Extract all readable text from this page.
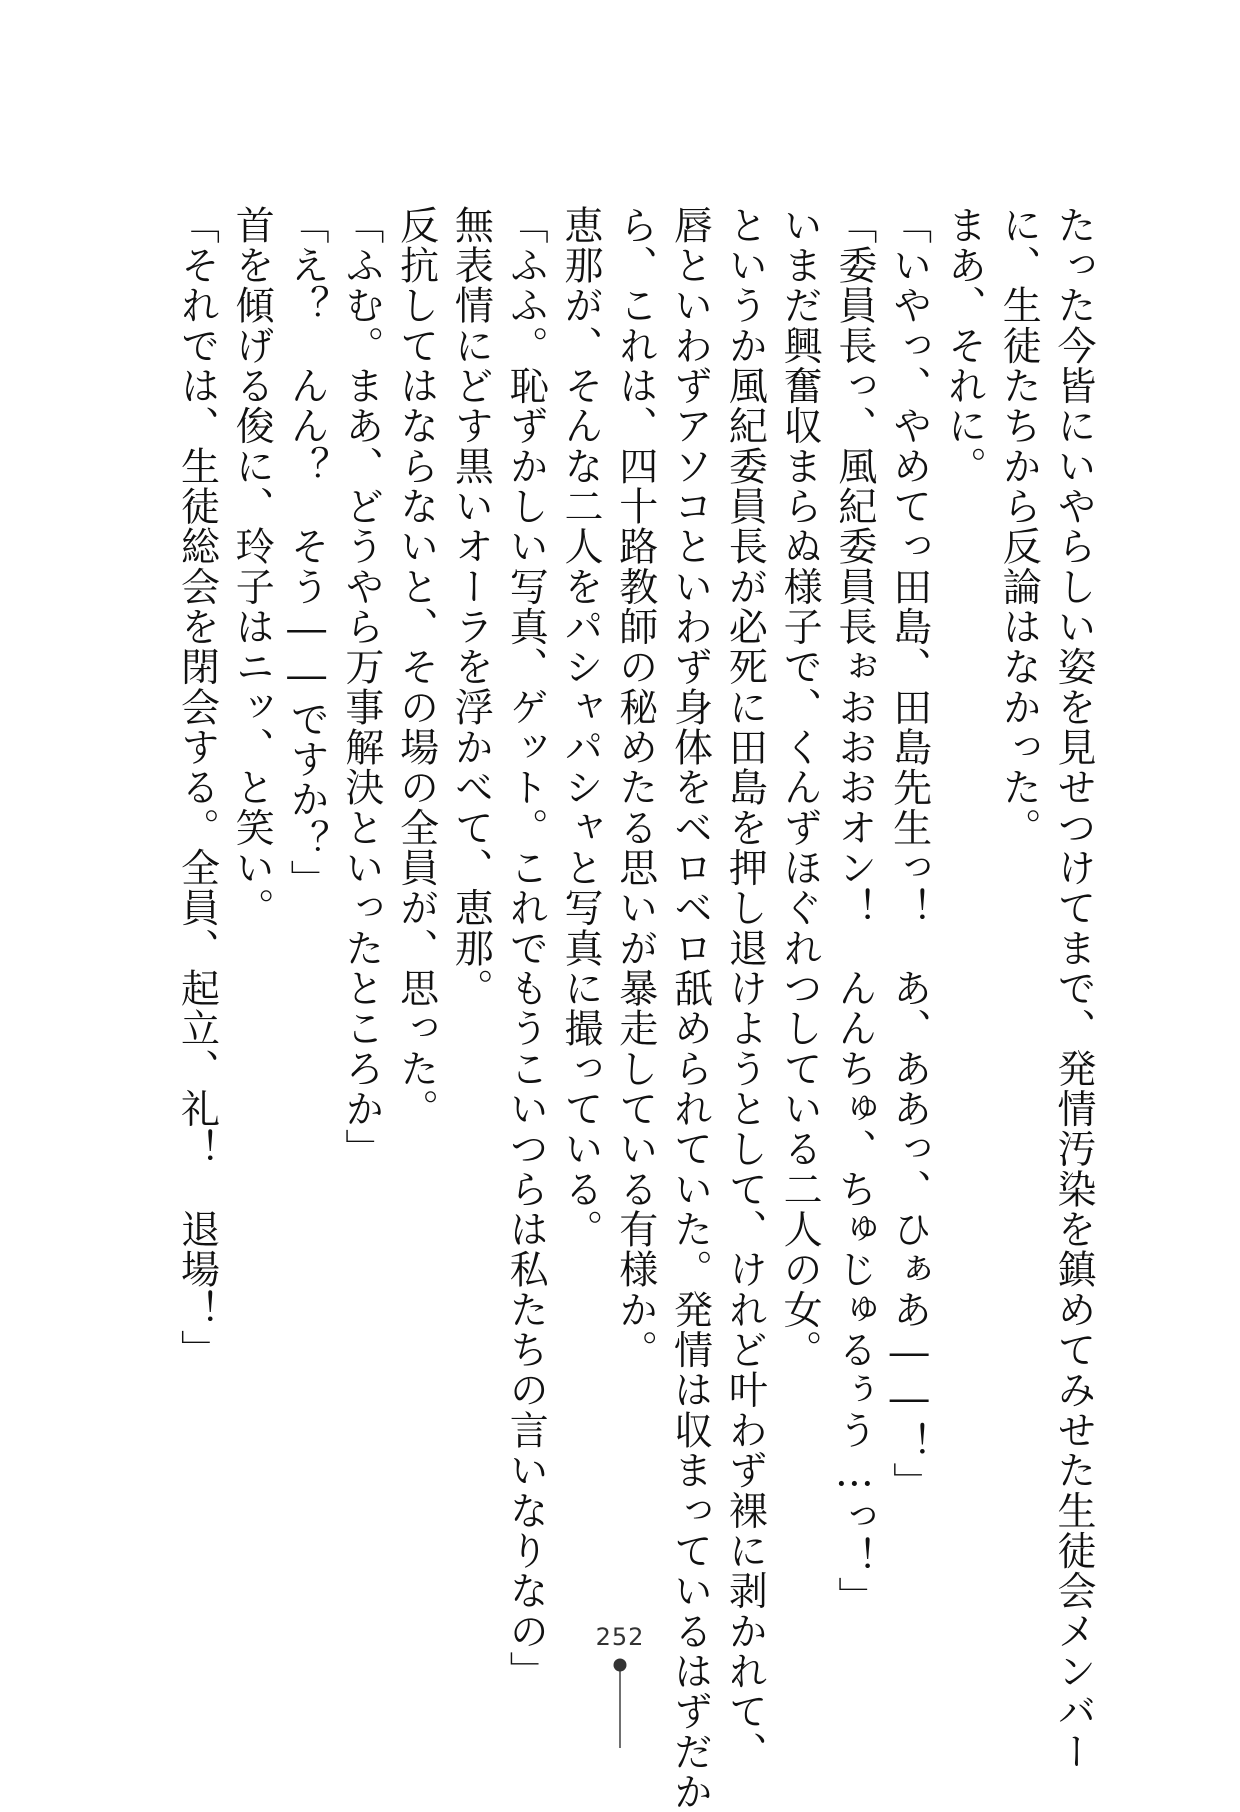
たった今皆にいやらしい姿を見せつけてまで、発情汚染を鎮めてみせた生徒会メンバー
に、生徒たちから反論はなかった。
まあ、それに。
「いやっ、やめてっ田島、田島先生っ！　あ、ああっ、ひぁあ――！」
「委員長っ、風紀委員長ぉおおおオン！　んんちゅ、ちゅじゅるぅう…っ！」
いまだ興奮収まらぬ様子で、くんずほぐれつしている二人の女。
というか風紀委員長が必死に田島を押し退けようとして、けれど叶わず裸に剥かれて、
唇といわずアソコといわず身体をベロベロ舐められていた。発情は収まっているはずだか
ら、これは、四十路教師の秘めたる思いが暴走している有様か。
恵那が、そんな二人をパシャパシャと写真に撮っている。
「ふふ。恥ずかしい写真、ゲット。これでもうこいつらは私たちの言いなりなの」
無表情にどす黒いオーラを浮かべて、恵那。
反抗してはならないと、その場の全員が、思った。
「ふむ。まあ、どうやら万事解決といったところか」
「え？　んん？　そう――ですか？」
首を傾げる俊に、玲子はニッ、と笑い。
「それでは、生徒総会を閉会する。全員、起立、礼！　退場！」
252
